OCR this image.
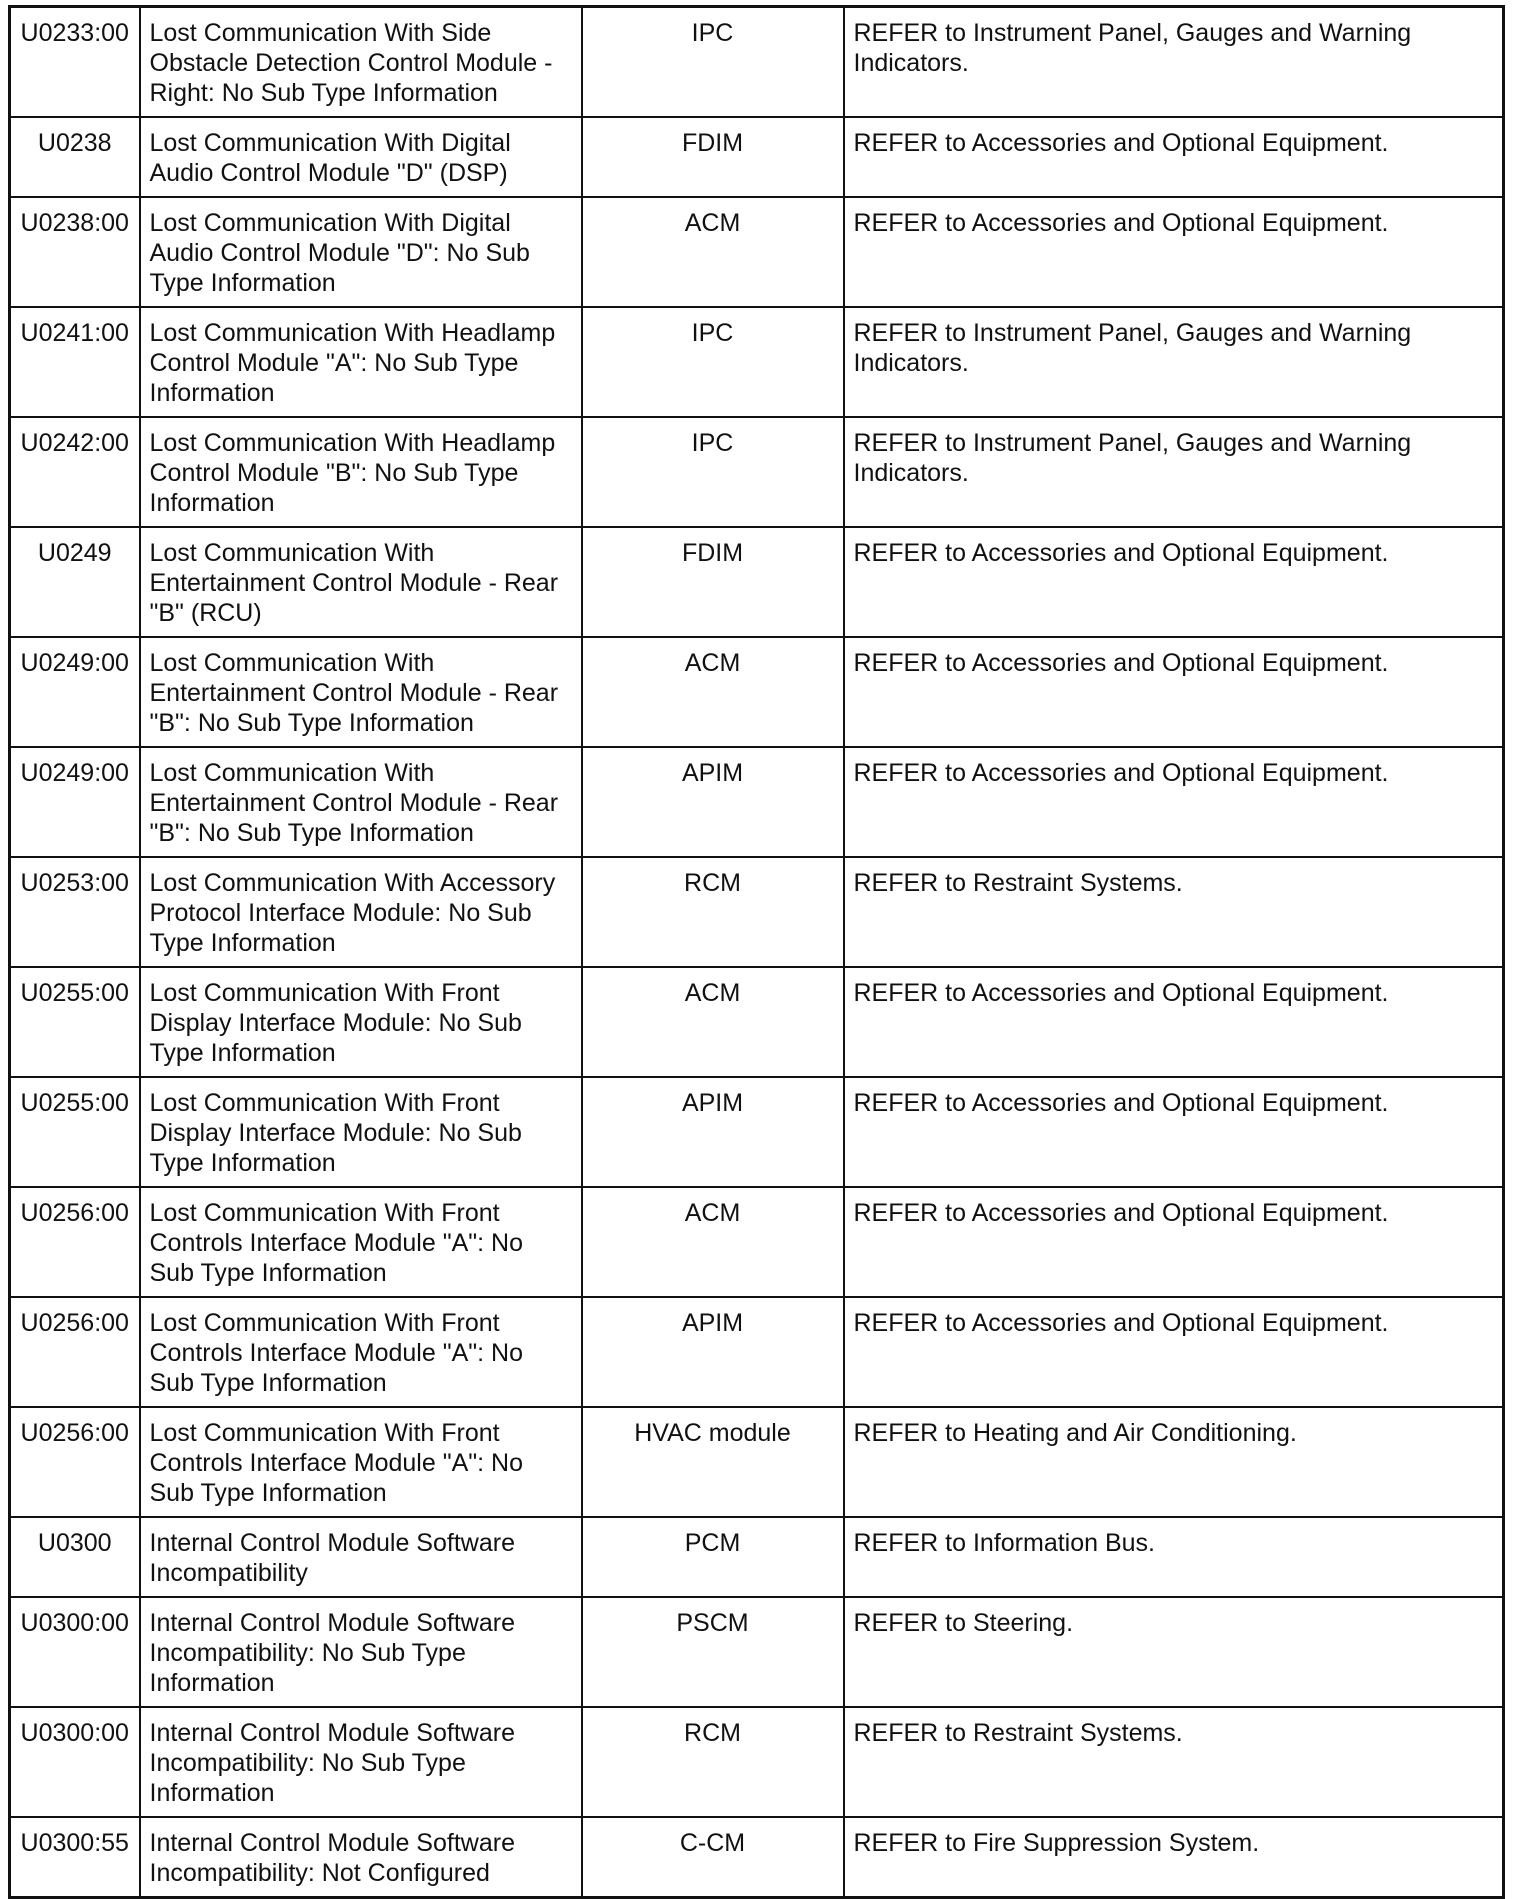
U0233:00	Lost Communication With Side Obstacle Detection Control Module - Right: No Sub Type Information	IPC	REFER to Instrument Panel, Gauges and Warning Indicators.
U0238	Lost Communication With Digital Audio Control Module "D" (DSP)	FDIM	REFER to Accessories and Optional Equipment.
U0238:00	Lost Communication With Digital Audio Control Module "D": No Sub Type Information	ACM	REFER to Accessories and Optional Equipment.
U0241:00	Lost Communication With Headlamp Control Module "A": No Sub Type Information	IPC	REFER to Instrument Panel, Gauges and Warning Indicators.
U0242:00	Lost Communication With Headlamp Control Module "B": No Sub Type Information	IPC	REFER to Instrument Panel, Gauges and Warning Indicators.
U0249	Lost Communication With Entertainment Control Module - Rear "B" (RCU)	FDIM	REFER to Accessories and Optional Equipment.
U0249:00	Lost Communication With Entertainment Control Module - Rear "B": No Sub Type Information	ACM	REFER to Accessories and Optional Equipment.
U0249:00	Lost Communication With Entertainment Control Module - Rear "B": No Sub Type Information	APIM	REFER to Accessories and Optional Equipment.
U0253:00	Lost Communication With Accessory Protocol Interface Module: No Sub Type Information	RCM	REFER to Restraint Systems.
U0255:00	Lost Communication With Front Display Interface Module: No Sub Type Information	ACM	REFER to Accessories and Optional Equipment.
U0255:00	Lost Communication With Front Display Interface Module: No Sub Type Information	APIM	REFER to Accessories and Optional Equipment.
U0256:00	Lost Communication With Front Controls Interface Module "A": No Sub Type Information	ACM	REFER to Accessories and Optional Equipment.
U0256:00	Lost Communication With Front Controls Interface Module "A": No Sub Type Information	APIM	REFER to Accessories and Optional Equipment.
U0256:00	Lost Communication With Front Controls Interface Module "A": No Sub Type Information	HVAC module	REFER to Heating and Air Conditioning.
U0300	Internal Control Module Software Incompatibility	PCM	REFER to Information Bus.
U0300:00	Internal Control Module Software Incompatibility: No Sub Type Information	PSCM	REFER to Steering.
U0300:00	Internal Control Module Software Incompatibility: No Sub Type Information	RCM	REFER to Restraint Systems.
U0300:55	Internal Control Module Software Incompatibility: Not Configured	C-CM	REFER to Fire Suppression System.
